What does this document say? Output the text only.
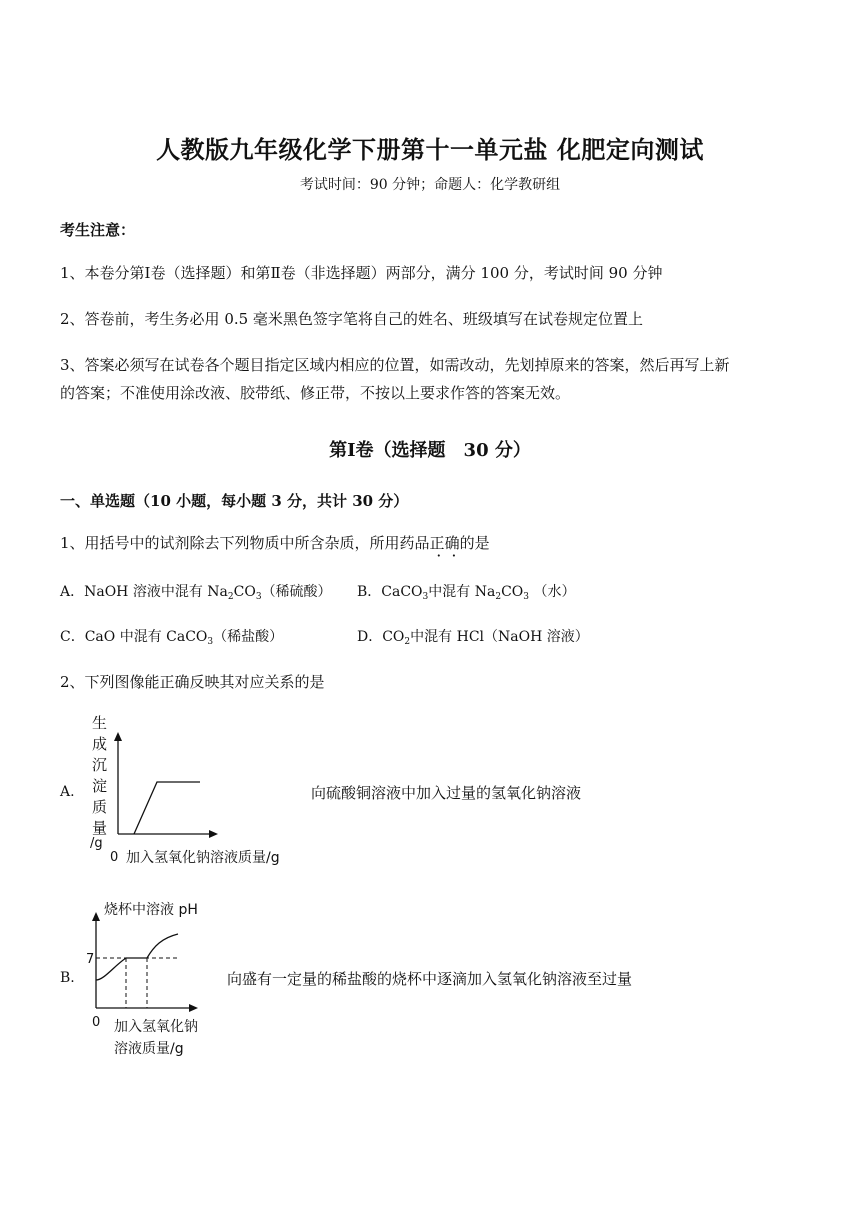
人教版九年级化学下册第十一单元盐 化肥定向测试
考试时间：90 分钟；命题人：化学教研组
考生注意：
1、本卷分第Ⅰ卷（选择题）和第Ⅱ卷（非选择题）两部分，满分 100 分，考试时间 90 分钟
2、答卷前，考生务必用 0.5 毫米黑色签字笔将自己的姓名、班级填写在试卷规定位置上
3、答案必须写在试卷各个题目指定区域内相应的位置，如需改动，先划掉原来的答案，然后再写上新
的答案；不准使用涂改液、胶带纸、修正带，不按以上要求作答的答案无效。
第Ⅰ卷（选择题　30 分）
一、单选题（10 小题，每小题 3 分，共计 30 分）
1、用括号中的试剂除去下列物质中所含杂质，所用药品正确的是
A．NaOH 溶液中混有 $Na_2CO_3$（稀硫酸） B．CaCO$_3$中混有 $Na_2CO_3$ （水）
C．CaO 中混有 CaCO$_3$（稀盐酸）	D．$CO_2$中混有 HCl（NaOH 溶液）
2、下列图像能正确反映其对应关系的是
A.
生
成
沉
淀
质
量
/g
0 加入氢氧化钠溶液质量/g
向硫酸铜溶液中加入过量的氢氧化钠溶液
B.
烧杯中溶液 pH
7
0 加入氢氧化钠
溶液质量/g
向盛有一定量的稀盐酸的烧杯中逐滴加入氢氧化钠溶液至过量
